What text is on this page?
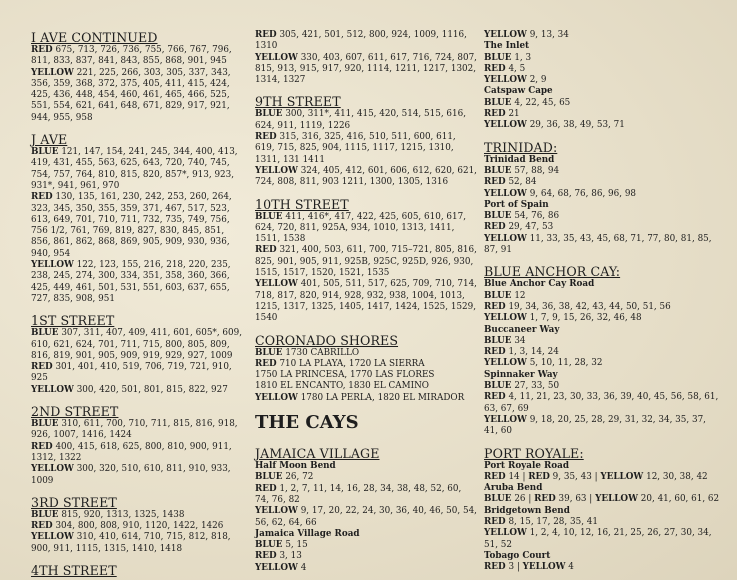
I AVE CONTINUED
RED 675, 713, 726, 736, 755, 766, 767, 796, 811, 833, 837, 841, 843, 855, 868, 901, 945
YELLOW 221, 225, 266, 303, 305, 337, 343, 356, 359, 368, 372, 375, 405, 411, 415, 424, 425, 436, 448, 454, 460, 461, 465, 466, 525, 551, 554, 621, 641, 648, 671, 829, 917, 921, 944, 955, 958
J AVE
BLUE 121, 147, 154, 241, 245, 344, 400, 413, 419, 431, 455, 563, 625, 643, 720, 740, 745, 754, 757, 764, 810, 815, 820, 857*, 913, 923, 931*, 941, 961, 970
RED 130, 135, 161, 230, 242, 253, 260, 264, 323, 345, 350, 355, 359, 371, 467, 517, 523, 613, 649, 701, 710, 711, 732, 735, 749, 756, 756 1/2, 761, 769, 819, 827, 830, 845, 851, 856, 861, 862, 868, 869, 905, 909, 930, 936, 940, 954
YELLOW 122, 123, 155, 216, 218, 220, 235, 238, 245, 274, 300, 334, 351, 358, 360, 366, 425, 449, 461, 501, 531, 551, 603, 637, 655, 727, 835, 908, 951
1ST STREET
BLUE 307, 311, 407, 409, 411, 601, 605*, 609, 610, 621, 624, 701, 711, 715, 800, 805, 809, 816, 819, 901, 905, 909, 919, 929, 927, 1009
RED 301, 401, 410, 519, 706, 719, 721, 910, 925
YELLOW 300, 420, 501, 801, 815, 822, 927
2ND STREET
BLUE 310, 611, 700, 710, 711, 815, 816, 918, 926, 1007, 1416, 1424
RED 400, 415, 618, 625, 800, 810, 900, 911, 1312, 1322
YELLOW 300, 320, 510, 610, 811, 910, 933, 1009
3RD STREET
BLUE 815, 920, 1313, 1325, 1438
RED 304, 800, 808, 910, 1120, 1422, 1426
YELLOW 310, 410, 614, 710, 715, 812, 818, 900, 911, 1115, 1315, 1410, 1418
4TH STREET
RED 305, 421, 501, 512, 800, 924, 1009, 1116, 1310
YELLOW 330, 403, 607, 611, 617, 716, 724, 807, 815, 913, 915, 917, 920, 1114, 1211, 1217, 1302, 1314, 1327
9TH STREET
BLUE 300, 311*, 411, 415, 420, 514, 515, 616, 624, 911, 1119, 1226
RED 315, 316, 325, 416, 510, 511, 600, 611, 619, 715, 825, 904, 1115, 1117, 1215, 1310, 1311, 131 1411
YELLOW 324, 405, 412, 601, 606, 612, 620, 621, 724, 808, 811, 903 1211, 1300, 1305, 1316
10TH STREET
BLUE 411, 416*, 417, 422, 425, 605, 610, 617, 624, 720, 811, 925A, 934, 1010, 1313, 1411, 1511, 1538
RED 321, 400, 503, 611, 700, 715–721, 805, 816, 825, 901, 905, 911, 925B, 925C, 925D, 926, 930, 1515, 1517, 1520, 1521, 1535
YELLOW 401, 505, 511, 517, 625, 709, 710, 714, 718, 817, 820, 914, 928, 932, 938, 1004, 1013, 1215, 1317, 1325, 1405, 1417, 1424, 1525, 1529, 1540
CORONADO SHORES
BLUE 1730 CABRILLO
RED 710 LA PLAYA, 1720 LA SIERRA
1750 LA PRINCESA, 1770 LAS FLORES
1810 EL ENCANTO, 1830 EL CAMINO
YELLOW 1780 LA PERLA, 1820 EL MIRADOR
THE CAYS
JAMAICA VILLAGE
Half Moon Bend
BLUE 26, 72
RED 1, 2, 7, 11, 14, 16, 28, 34, 38, 48, 52, 60, 74, 76, 82
YELLOW 9, 17, 20, 22, 24, 30, 36, 40, 46, 50, 54, 56, 62, 64, 66
Jamaica Village Road
BLUE 5, 15
RED 3, 13
YELLOW 4
YELLOW 9, 13, 34
The Inlet
BLUE 1, 3
RED 4, 5
YELLOW 2, 9
Catspaw Cape
BLUE 4, 22, 45, 65
RED 21
YELLOW 29, 36, 38, 49, 53, 71
TRINIDAD:
Trinidad Bend
BLUE 57, 88, 94
RED 52, 84
YELLOW 9, 64, 68, 76, 86, 96, 98
Port of Spain
BLUE 54, 76, 86
RED 29, 47, 53
YELLOW 11, 33, 35, 43, 45, 68, 71, 77, 80, 81, 85, 87, 91
BLUE ANCHOR CAY:
Blue Anchor Cay Road
BLUE 12
RED 19, 34, 36, 38, 42, 43, 44, 50, 51, 56
YELLOW 1, 7, 9, 15, 26, 32, 46, 48
Buccaneer Way
BLUE 34
RED 1, 3, 14, 24
YELLOW 5, 10, 11, 28, 32
Spinnaker Way
BLUE 27, 33, 50
RED 4, 11, 21, 23, 30, 33, 36, 39, 40, 45, 56, 58, 61, 63, 67, 69
YELLOW 9, 18, 20, 25, 28, 29, 31, 32, 34, 35, 37, 41, 60
PORT ROYALE:
Port Royale Road
RED 14 | RED 9, 35, 43 | YELLOW 12, 30, 38, 42
Aruba Bend
BLUE 26 | RED 39, 63 | YELLOW 20, 41, 60, 61, 62
Bridgetown Bend
RED 8, 15, 17, 28, 35, 41
YELLOW 1, 2, 4, 10, 12, 16, 21, 25, 26, 27, 30, 34, 51, 52
Tobago Court
RED 3 | YELLOW 4
